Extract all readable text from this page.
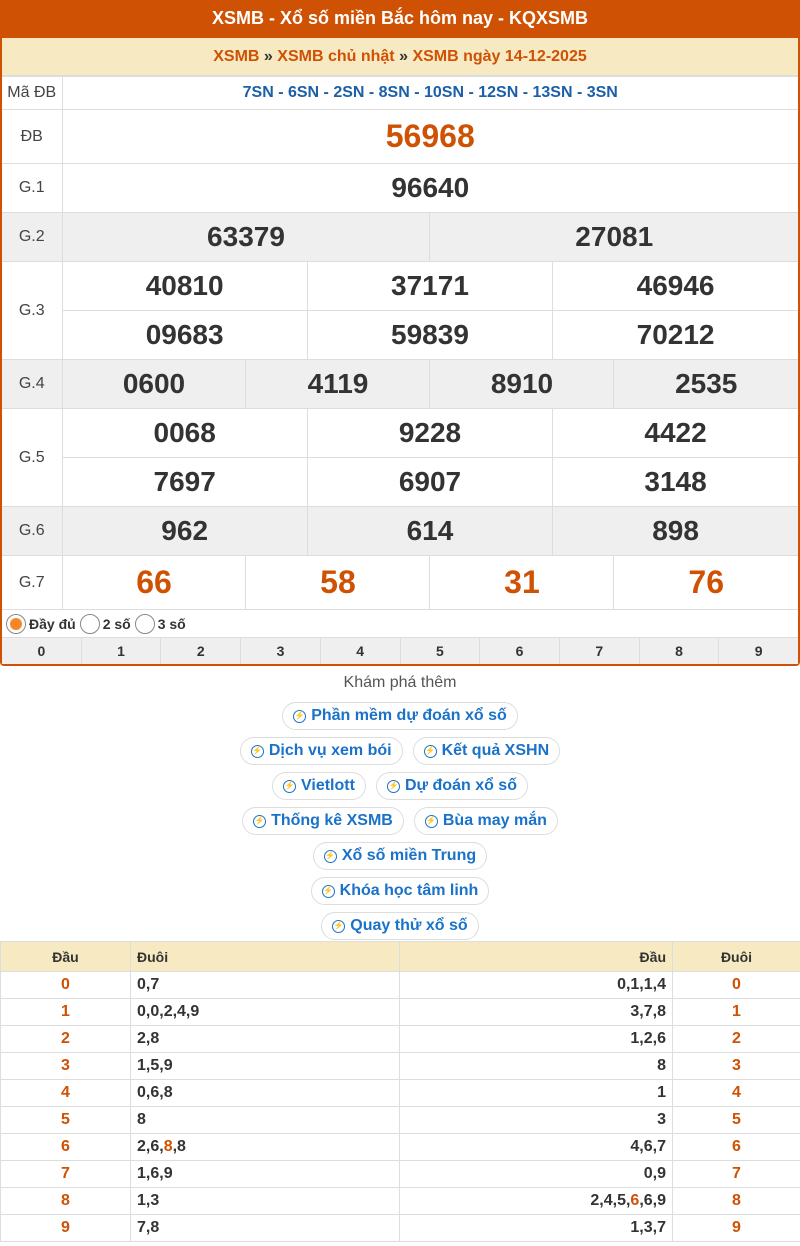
XSMB - Xổ số miền Bắc hôm nay - KQXSMB
XSMB » XSMB chủ nhật » XSMB ngày 14-12-2025
Mã ĐB	7SN - 6SN - 2SN - 8SN - 10SN - 12SN - 13SN - 3SN					
ĐB	56968					
G.1	96640					
G.2	63379			27081		
G.3	40810		37171		46946	
	09683		59839		70212	
G.4	0600	4119		8910		2535
G.5	0068		9228		4422	
	7697		6907		3148	
G.6	962		614		898	
G.7	66	58		31		76
Đầy đủ 2 số 3 số
0	1	2	3	4	5	6	7	8	9
Khám phá thêm
⚡ Phần mềm dự đoán xổ số
⚡ Dịch vụ xem bói	⚡ Kết quả XSHN
⚡ Vietlott	⚡ Dự đoán xổ số
⚡ Thống kê XSMB	⚡ Bùa may mắn
⚡ Xổ số miền Trung
⚡ Khóa học tâm linh
⚡ Quay thử xổ số
Đầu	Đuôi	Đầu	Đuôi
0	0,7	0,1,1,4	0
1	0,0,2,4,9	3,7,8	1
2	2,8	1,2,6	2
3	1,5,9	8	3
4	0,6,8	1	4
5	8	3	5
6	2,6,8,8	4,6,7	6
7	1,6,9	0,9	7
8	1,3	2,4,5,6,6,9	8
9	7,8	1,3,7	9
